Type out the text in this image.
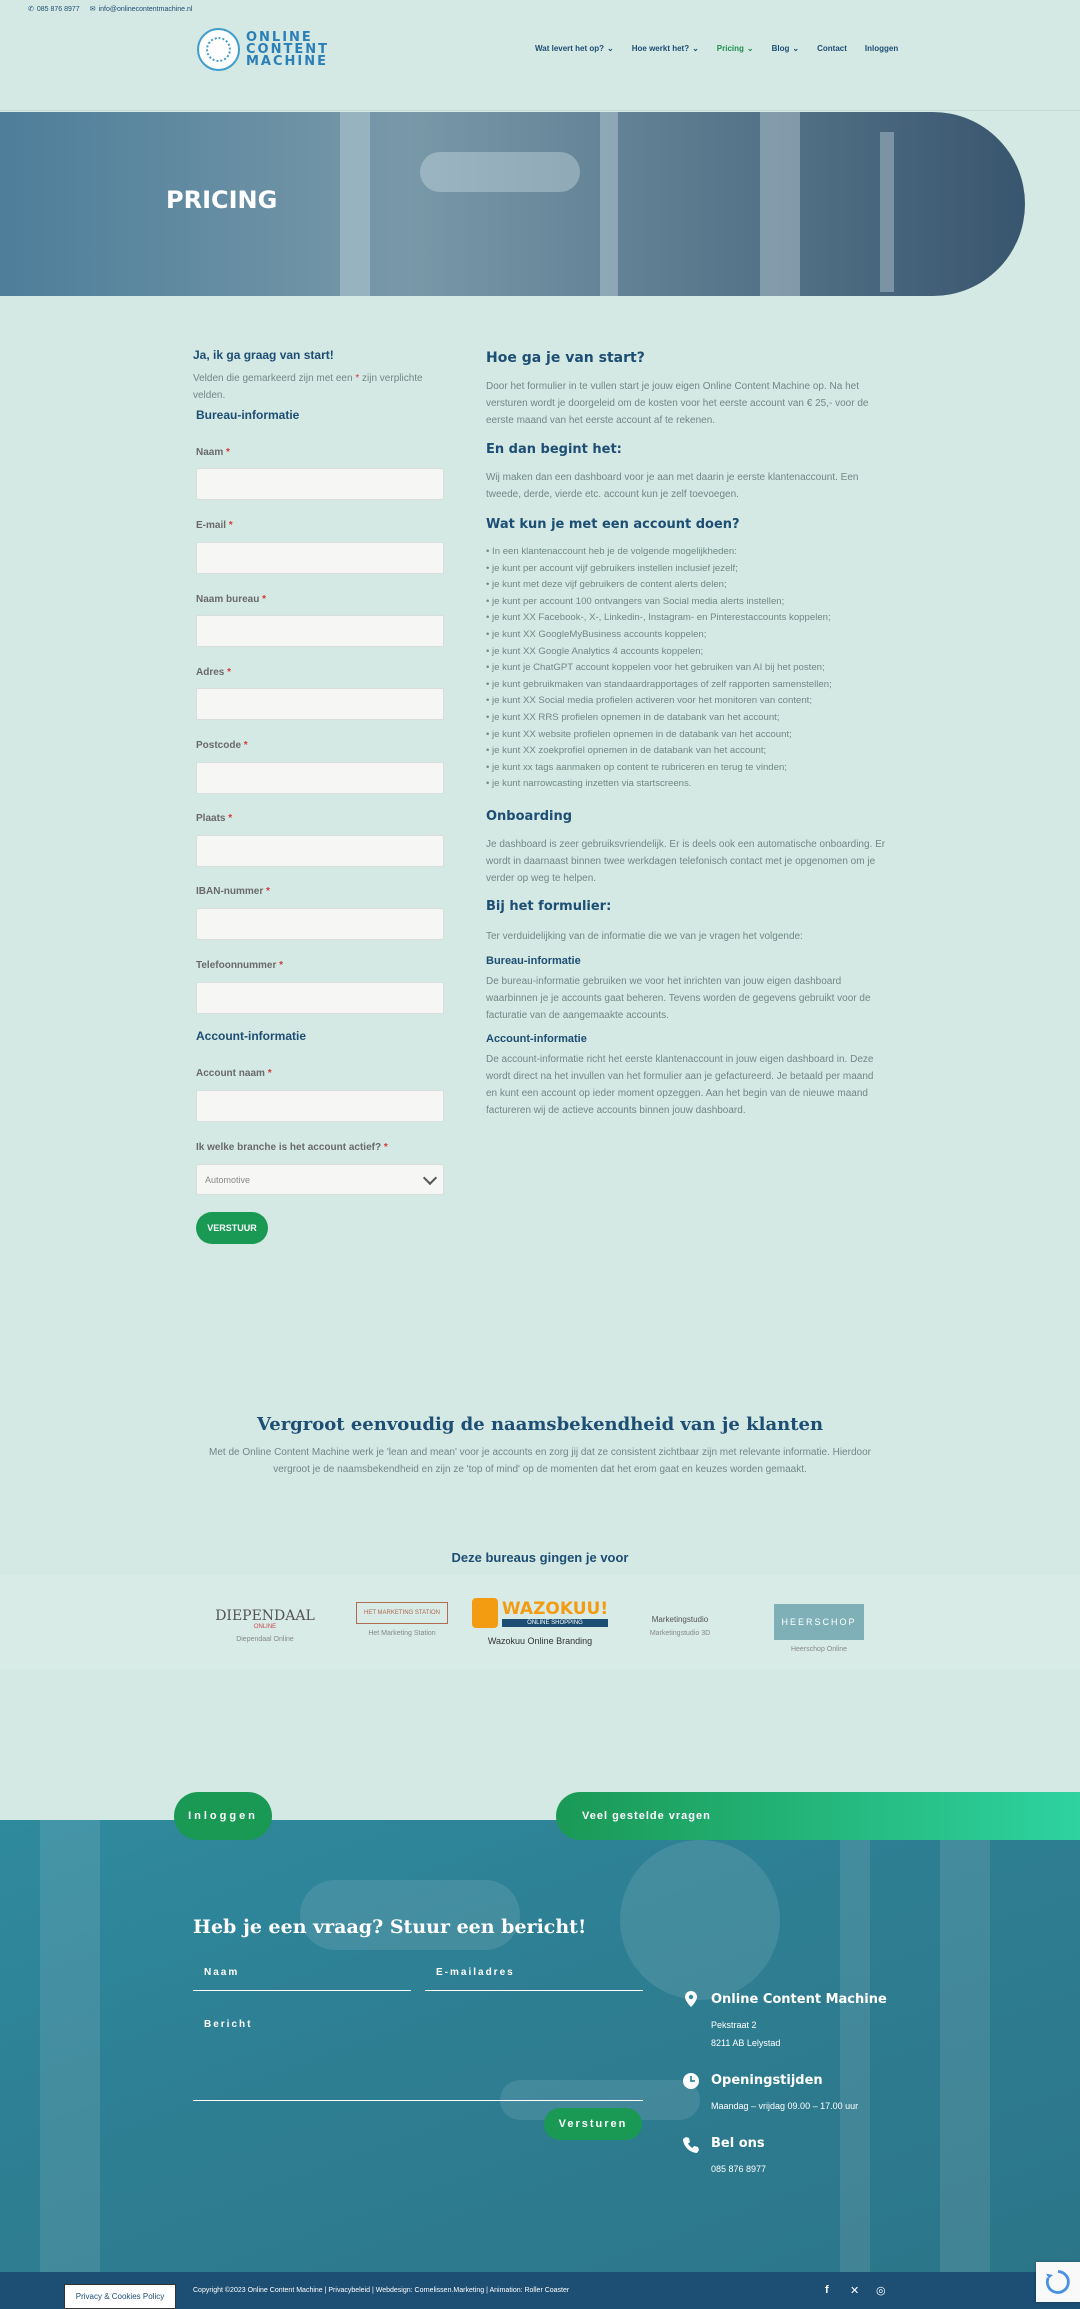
✆ 085 876 8977 ✉ info@onlinecontentmachine.nl
ONLINE
CONTENT
MACHINE
Wat levert het op? ⌄ Hoe werkt het? ⌄ Pricing ⌄ Blog ⌄ Contact Inloggen
PRICING
Ja, ik ga graag van start!
Velden die gemarkeerd zijn met een * zijn verplichte velden.
Bureau-informatie
Naam *
E-mail *
Naam bureau *
Adres *
Postcode *
Plaats *
IBAN-nummer *
Telefoonnummer *
Account-informatie
Account naam *
Ik welke branche is het account actief? *
Automotive
VERSTUUR
Hoe ga je van start?
Door het formulier in te vullen start je jouw eigen Online Content Machine op. Na het versturen wordt je doorgeleid om de kosten voor het eerste account van € 25,- voor de eerste maand van het eerste account af te rekenen.
En dan begint het:
Wij maken dan een dashboard voor je aan met daarin je eerste klantenaccount. Een tweede, derde, vierde etc. account kun je zelf toevoegen.
Wat kun je met een account doen?
• In een klantenaccount heb je de volgende mogelijkheden:
• je kunt per account vijf gebruikers instellen inclusief jezelf;
• je kunt met deze vijf gebruikers de content alerts delen;
• je kunt per account 100 ontvangers van Social media alerts instellen;
• je kunt XX Facebook-, X-, Linkedin-, Instagram- en Pinterestaccounts koppelen;
• je kunt XX GoogleMyBusiness accounts koppelen;
• je kunt XX Google Analytics 4 accounts koppelen;
• je kunt je ChatGPT account koppelen voor het gebruiken van AI bij het posten;
• je kunt gebruikmaken van standaardrapportages of zelf rapporten samenstellen;
• je kunt XX Social media profielen activeren voor het monitoren van content;
• je kunt XX RRS profielen opnemen in de databank van het account;
• je kunt XX website profielen opnemen in de databank van het account;
• je kunt XX zoekprofiel opnemen in de databank van het account;
• je kunt xx tags aanmaken op content te rubriceren en terug te vinden;
• je kunt narrowcasting inzetten via startscreens.
Onboarding
Je dashboard is zeer gebruiksvriendelijk. Er is deels ook een automatische onboarding. Er wordt in daarnaast binnen twee werkdagen telefonisch contact met je opgenomen om je verder op weg te helpen.
Bij het formulier:
Ter verduidelijking van de informatie die we van je vragen het volgende:
Bureau-informatie
De bureau-informatie gebruiken we voor het inrichten van jouw eigen dashboard waarbinnen je je accounts gaat beheren. Tevens worden de gegevens gebruikt voor de facturatie van de aangemaakte accounts.
Account-informatie
De account-informatie richt het eerste klantenaccount in jouw eigen dashboard in. Deze wordt direct na het invullen van het formulier aan je gefactureerd. Je betaald per maand en kunt een account op ieder moment opzeggen. Aan het begin van de nieuwe maand factureren wij de actieve accounts binnen jouw dashboard.
Vergroot eenvoudig de naamsbekendheid van je klanten
Met de Online Content Machine werk je 'lean and mean' voor je accounts en zorg jij dat ze consistent zichtbaar zijn met relevante informatie. Hierdoor vergroot je de naamsbekendheid en zijn ze 'top of mind' op de momenten dat het erom gaat en keuzes worden gemaakt.
Deze bureaus gingen je voor
DIEPENDAAL
ONLINE
Diependaal Online
HET MARKETING STATION
Het Marketing Station
WAZOKUU!
ONLINE SHOPPING
Wazokuu Online Branding
Marketingstudio
Marketingstudio 3D
HEERSCHOP
Heerschop Online
Inloggen	Veel gestelde vragen
Heb je een vraag? Stuur een bericht!
Naam	E-mailadres
Bericht
Versturen
Online Content Machine
Pekstraat 2
8211 AB Lelystad
Openingstijden
Maandag – vrijdag 09.00 – 17.00 uur
Bel ons
085 876 8977
Copyright ©2023 Online Content Machine | Privacybeleid | Webdesign: Cornelissen.Marketing | Animation: Roller Coaster
Privacy & Cookies Policy
f ✕ ◎
